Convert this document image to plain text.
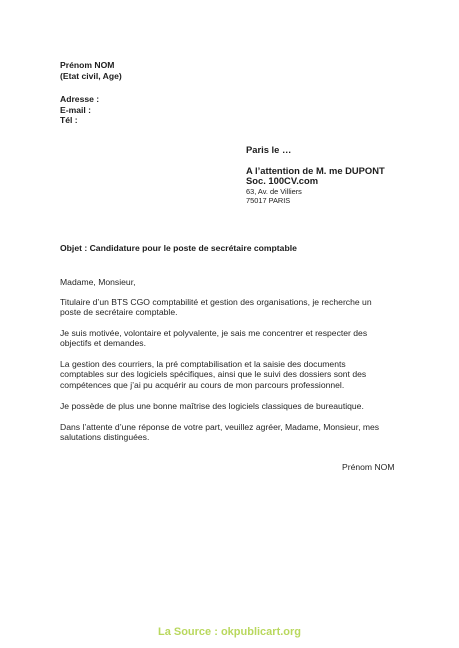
Prénom NOM
(Etat civil, Age)
Adresse :
E-mail :
Tél :
Paris le …
A l’attention de M. me DUPONT
Soc. 100CV.com
63, Av. de Villiers
75017 PARIS
Objet : Candidature pour le poste de secrétaire comptable
Madame, Monsieur,
Titulaire d’un BTS CGO comptabilité et gestion des organisations, je recherche un
poste de secrétaire comptable.
Je suis motivée, volontaire et polyvalente, je sais me concentrer et respecter des
objectifs et demandes.
La gestion des courriers, la pré comptabilisation et la saisie des documents
comptables sur des logiciels spécifiques, ainsi que le suivi des dossiers sont des
compétences que j’ai pu acquérir au cours de mon parcours professionnel.
Je possède de plus une bonne maîtrise des logiciels classiques de bureautique.
Dans l’attente d’une réponse de votre part, veuillez agréer, Madame, Monsieur, mes
salutations distinguées.
Prénom NOM
La Source : okpublicart.org
